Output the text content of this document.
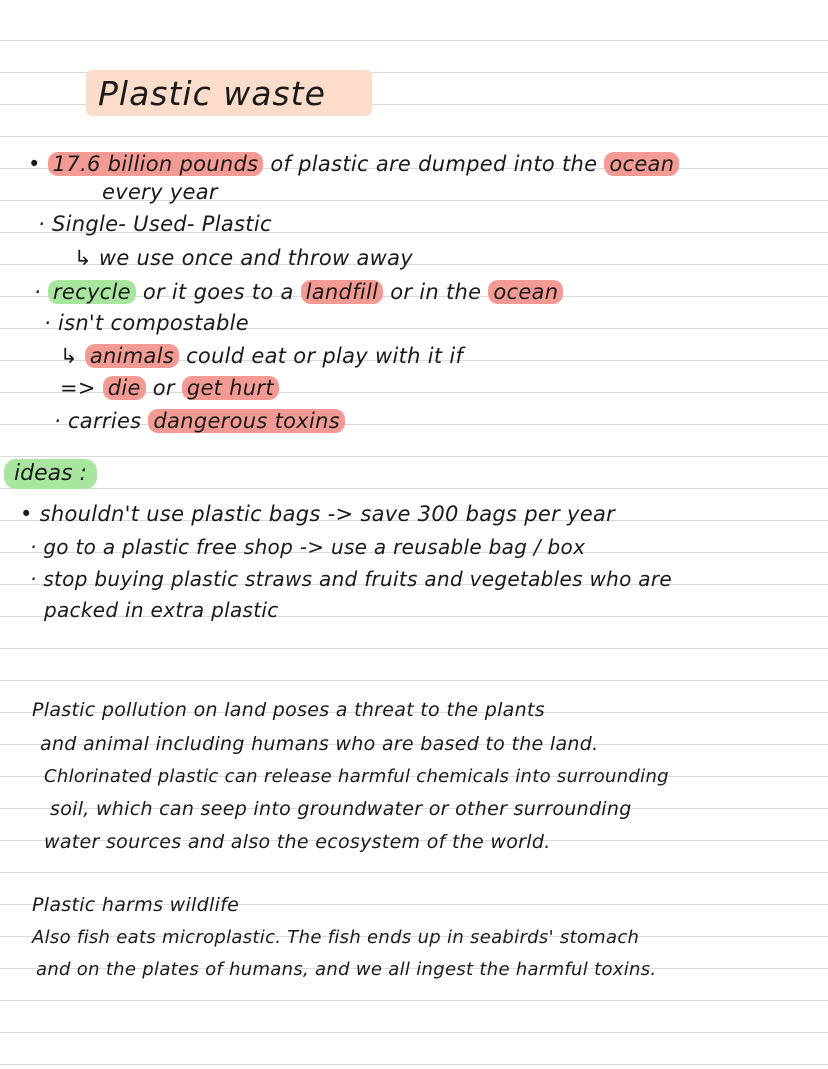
Plastic waste
• 17.6 billion pounds of plastic are dumped into the ocean
every year
· Single- Used- Plastic
↳ we use once and throw away
· recycle or it goes to a landfill or in the ocean
· isn't compostable
↳ animals could eat or play with it if
=> die or get hurt
· carries dangerous toxins
ideas :
• shouldn't use plastic bags -> save 300 bags per year
· go to a plastic free shop -> use a reusable bag / box
· stop buying plastic straws and fruits and vegetables who are
packed in extra plastic
Plastic pollution on land poses a threat to the plants
and animal including humans who are based to the land.
Chlorinated plastic can release harmful chemicals into surrounding
soil, which can seep into groundwater or other surrounding
water sources and also the ecosystem of the world.
Plastic harms wildlife
Also fish eats microplastic. The fish ends up in seabirds' stomach
and on the plates of humans, and we all ingest the harmful toxins.
